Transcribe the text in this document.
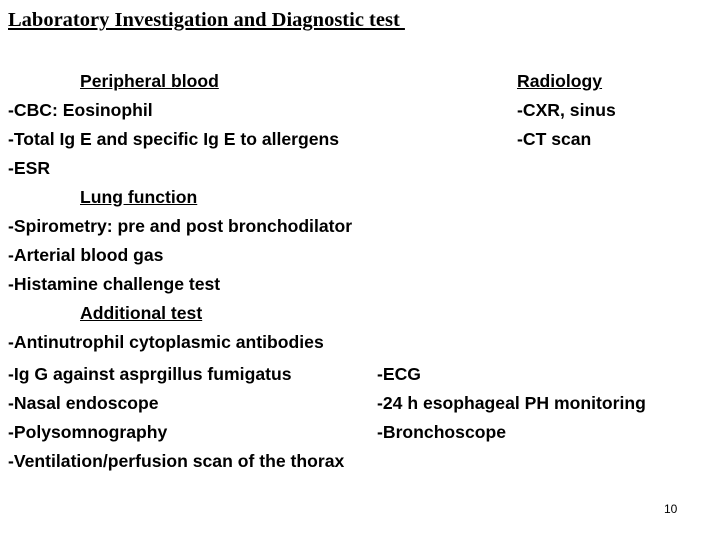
Laboratory Investigation and Diagnostic test
Peripheral blood
-CBC: Eosinophil
-Total Ig E and specific Ig E to allergens
-ESR
Radiology
-CXR, sinus
-CT scan
Lung function
-Spirometry: pre and post bronchodilator
-Arterial blood gas
-Histamine challenge test
Additional test
-Antinutrophil cytoplasmic antibodies
-Ig G against asprgillus fumigatus
-Nasal endoscope
-Polysomnography
-Ventilation/perfusion scan of the thorax
-ECG
-24 h esophageal PH monitoring
-Bronchoscope
10
